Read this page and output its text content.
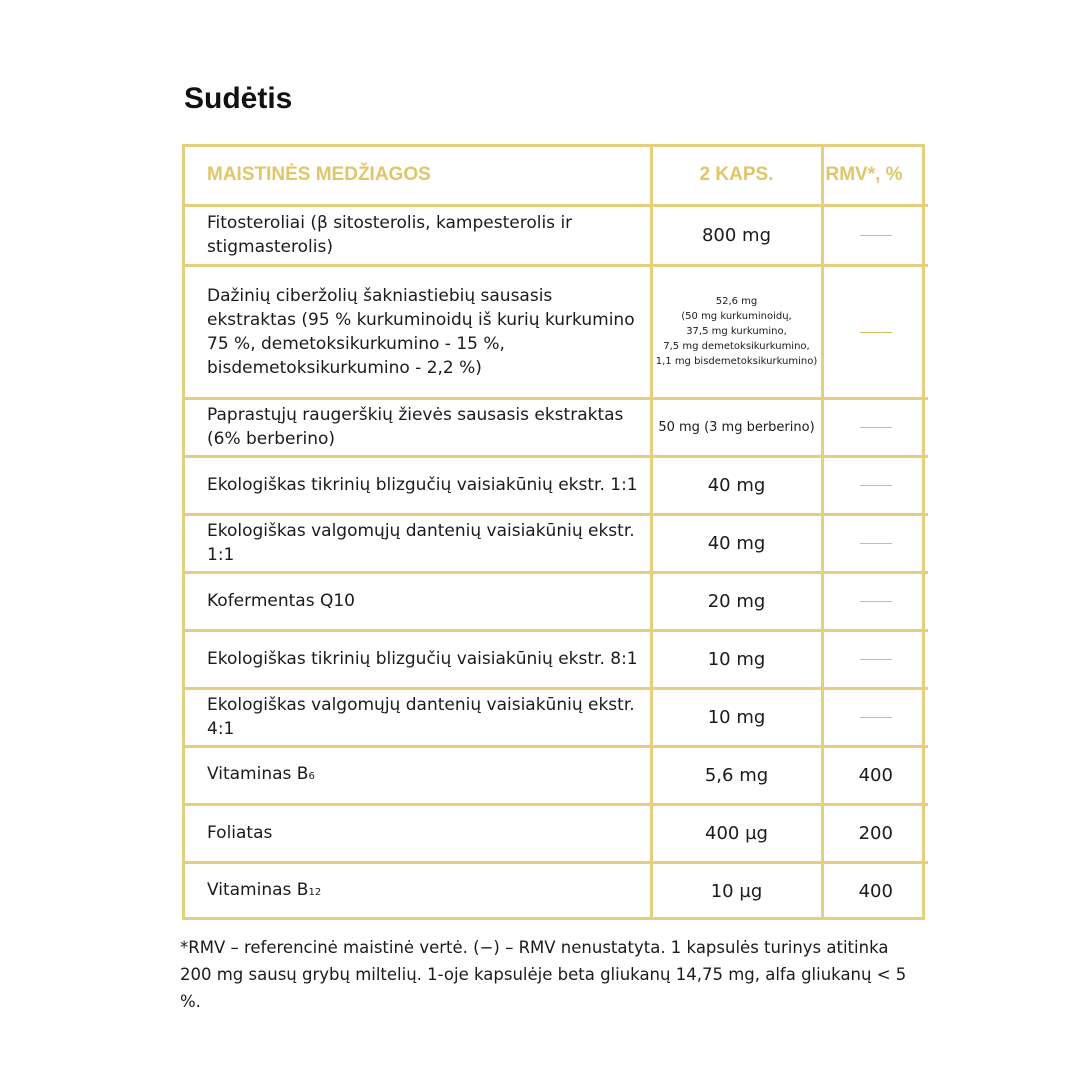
Sudėtis
MAISTINĖS MEDŽIAGOS	2 KAPS.	RMV*, %
Fitosteroliai (β sitosterolis, kampesterolis ir stigmasterolis)	800 mg	
Dažinių ciberžolių šakniastiebių sausasis ekstraktas (95 % kurkuminoidų iš kurių kurkumino 75 %, demetoksikurkumino - 15 %, bisdemetoksikurkumino - 2,2 %)	52,6 mg
(50 mg kurkuminoidų,
37,5 mg kurkumino,
7,5 mg demetoksikurkumino,
1,1 mg bisdemetoksikurkumino)	

Paprastųjų raugerškių žievės sausasis ekstraktas (6% berberino)	50 mg (3 mg berberino)	
Ekologiškas tikrinių blizgučių vaisiakūnių ekstr. 1:1	40 mg	
Ekologiškas valgomųjų dantenių vaisiakūnių ekstr. 1:1	40 mg	
Kofermentas Q10	20 mg	
Ekologiškas tikrinių blizgučių vaisiakūnių ekstr. 8:1	10 mg	
Ekologiškas valgomųjų dantenių vaisiakūnių ekstr. 4:1	10 mg	
Vitaminas B6	5,6 mg	400
Foliatas	400 µg	200
Vitaminas B12	10 µg	400
*RMV – referencinė maistinė vertė. (−) – RMV nenustatyta. 1 kapsulės turinys atitinka 200 mg sausų grybų miltelių. 1-oje kapsulėje beta gliukanų 14,75 mg, alfa gliukanų < 5 %.
